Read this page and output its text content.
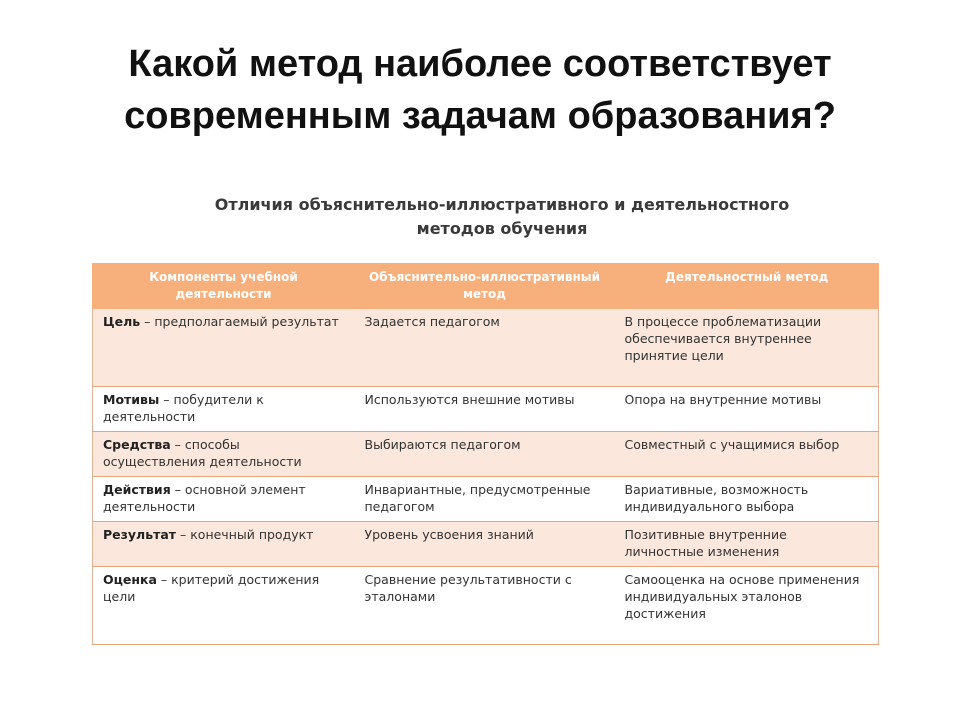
Какой метод наиболее соответствует
современным задачам образования?
Отличия объяснительно-иллюстративного и деятельностного
методов обучения
Компоненты учебной деятельности	Объяснительно-иллюстративный метод	Деятельностный метод
Цель – предполагаемый результат	Задается педагогом	В процессе проблематизации обеспечивается внутреннее принятие цели
Мотивы – побудители к деятельности	Используются внешние мотивы	Опора на внутренние мотивы
Средства – способы осуществления деятельности	Выбираются педагогом	Совместный с учащимися выбор
Действия – основной элемент деятельности	Инвариантные, предусмотренные педагогом	Вариативные, возможность индивидуального выбора
Результат – конечный продукт	Уровень усвоения знаний	Позитивные внутренние личностные изменения
Оценка – критерий достижения цели	Сравнение результативности с эталонами	Самооценка на основе применения индивидуальных эталонов достижения
